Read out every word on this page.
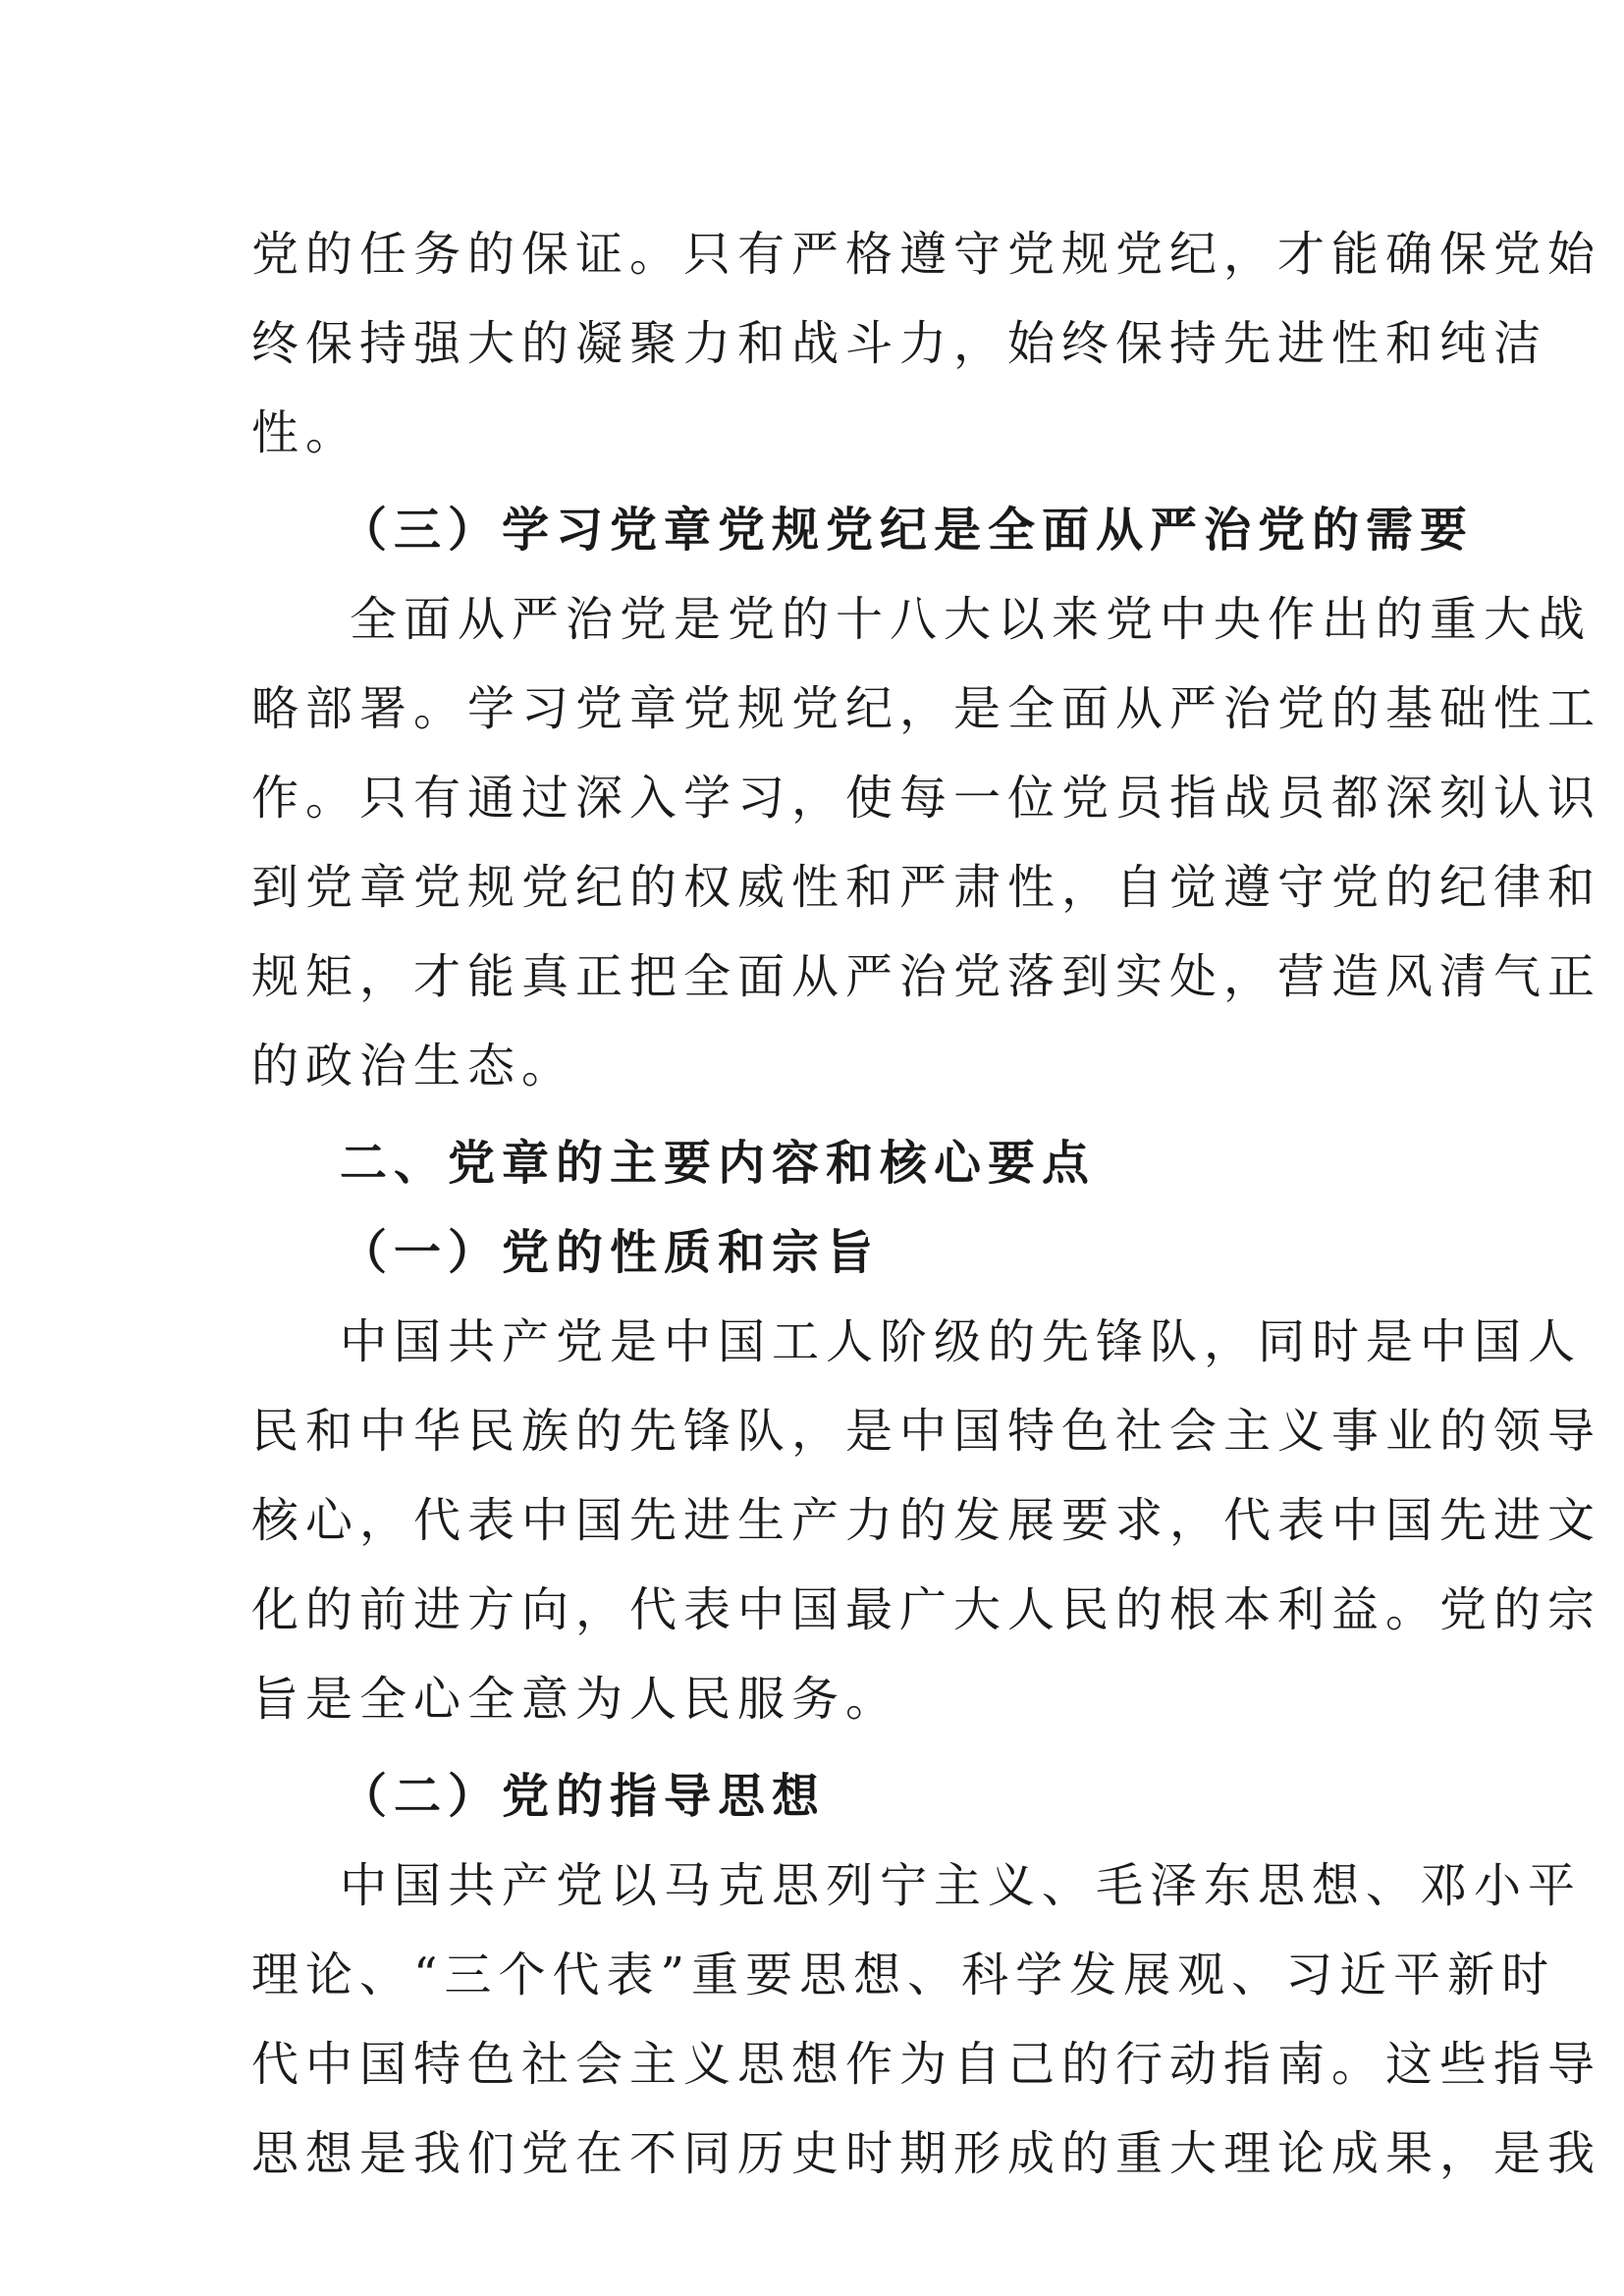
党的任务的保证。只有严格遵守党规党纪，才能确保党始
终保持强大的凝聚力和战斗力，始终保持先进性和纯洁
性。
（三）学习党章党规党纪是全面从严治党的需要
全面从严治党是党的十八大以来党中央作出的重大战
略部署。学习党章党规党纪，是全面从严治党的基础性工
作。只有通过深入学习，使每一位党员指战员都深刻认识
到党章党规党纪的权威性和严肃性，自觉遵守党的纪律和
规矩，才能真正把全面从严治党落到实处，营造风清气正
的政治生态。
二、党章的主要内容和核心要点
（一）党的性质和宗旨
中国共产党是中国工人阶级的先锋队，同时是中国人
民和中华民族的先锋队，是中国特色社会主义事业的领导
核心，代表中国先进生产力的发展要求，代表中国先进文
化的前进方向，代表中国最广大人民的根本利益。党的宗
旨是全心全意为人民服务。
（二）党的指导思想
中国共产党以马克思列宁主义、毛泽东思想、邓小平
理论、“三个代表”重要思想、科学发展观、习近平新时
代中国特色社会主义思想作为自己的行动指南。这些指导
思想是我们党在不同历史时期形成的重大理论成果，是我
